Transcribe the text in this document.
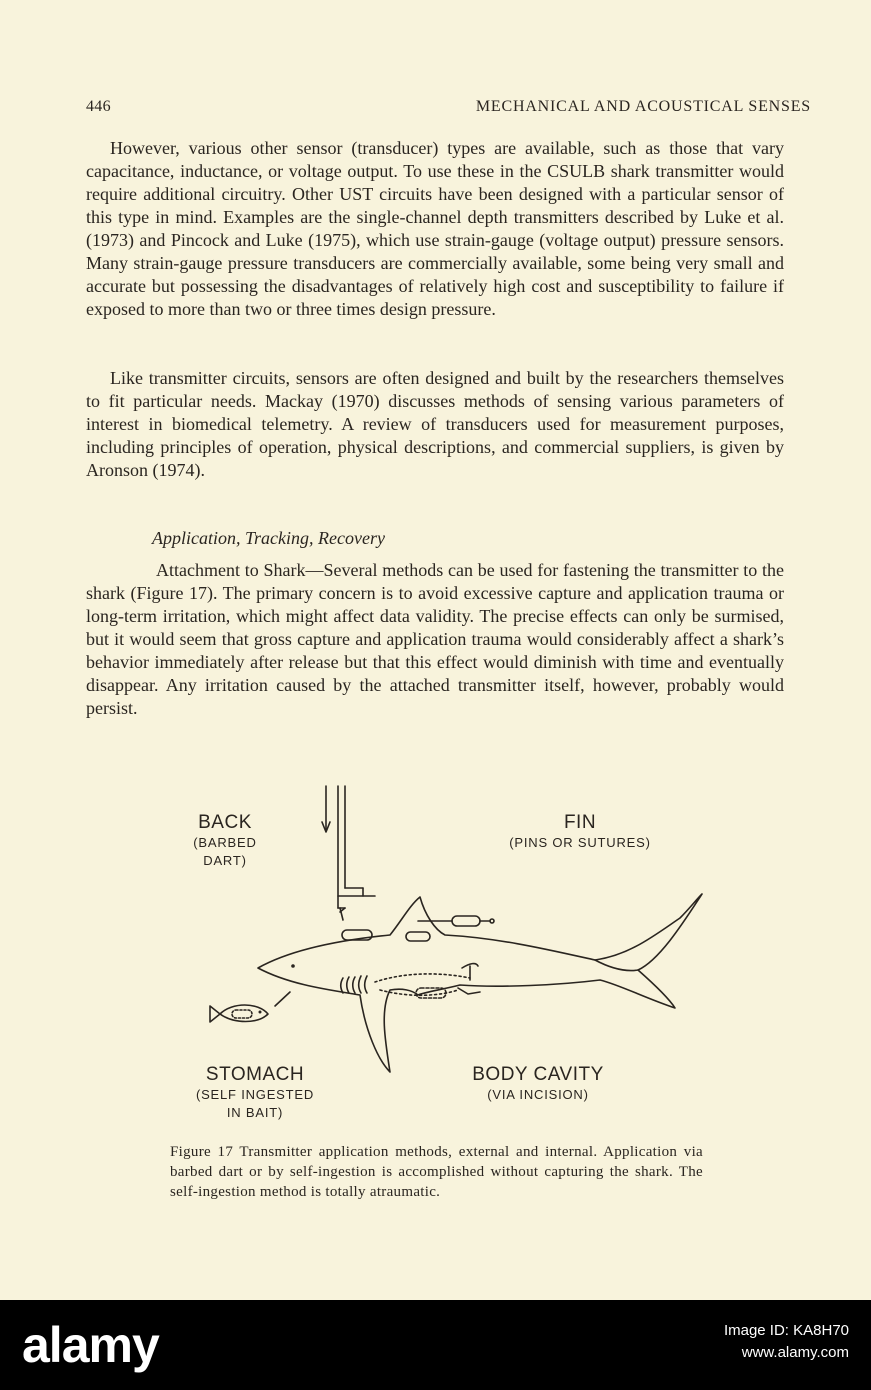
446	MECHANICAL AND ACOUSTICAL SENSES

However, various other sensor (transducer) types are available, such as those that vary capacitance, inductance, or voltage output. To use these in the CSULB shark transmitter would require additional circuitry. Other UST circuits have been designed with a particular sensor of this type in mind. Examples are the single-channel depth transmitters described by Luke et al. (1973) and Pincock and Luke (1975), which use strain-gauge (voltage output) pressure sensors. Many strain-gauge pressure transducers are commercially available, some being very small and accurate but possessing the disadvantages of relatively high cost and susceptibility to failure if exposed to more than two or three times design pressure.

Like transmitter circuits, sensors are often designed and built by the researchers themselves to fit particular needs. Mackay (1970) discusses methods of sensing various parameters of interest in biomedical telemetry. A review of transducers used for measurement purposes, including principles of operation, physical descriptions, and commercial suppliers, is given by Aronson (1974).

Application, Tracking, Recovery

Attachment to Shark—Several methods can be used for fastening the transmitter to the shark (Figure 17). The primary concern is to avoid excessive capture and application trauma or long-term irritation, which might affect data validity. The precise effects can only be surmised, but it would seem that gross capture and application trauma would considerably affect a shark’s behavior immediately after release but that this effect would diminish with time and eventually disappear. Any irritation caused by the attached transmitter itself, however, probably would persist.

BACK
(BARBED DART)
FIN
(PINS OR SUTURES)
STOMACH
(SELF INGESTED
IN BAIT)
BODY CAVITY
(VIA INCISION)

Figure 17 Transmitter application methods, external and internal. Application via barbed dart or by self-ingestion is accomplished without capturing the shark. The self-ingestion method is totally atraumatic.

alamy	Image ID: KA8H70
www.alamy.com
